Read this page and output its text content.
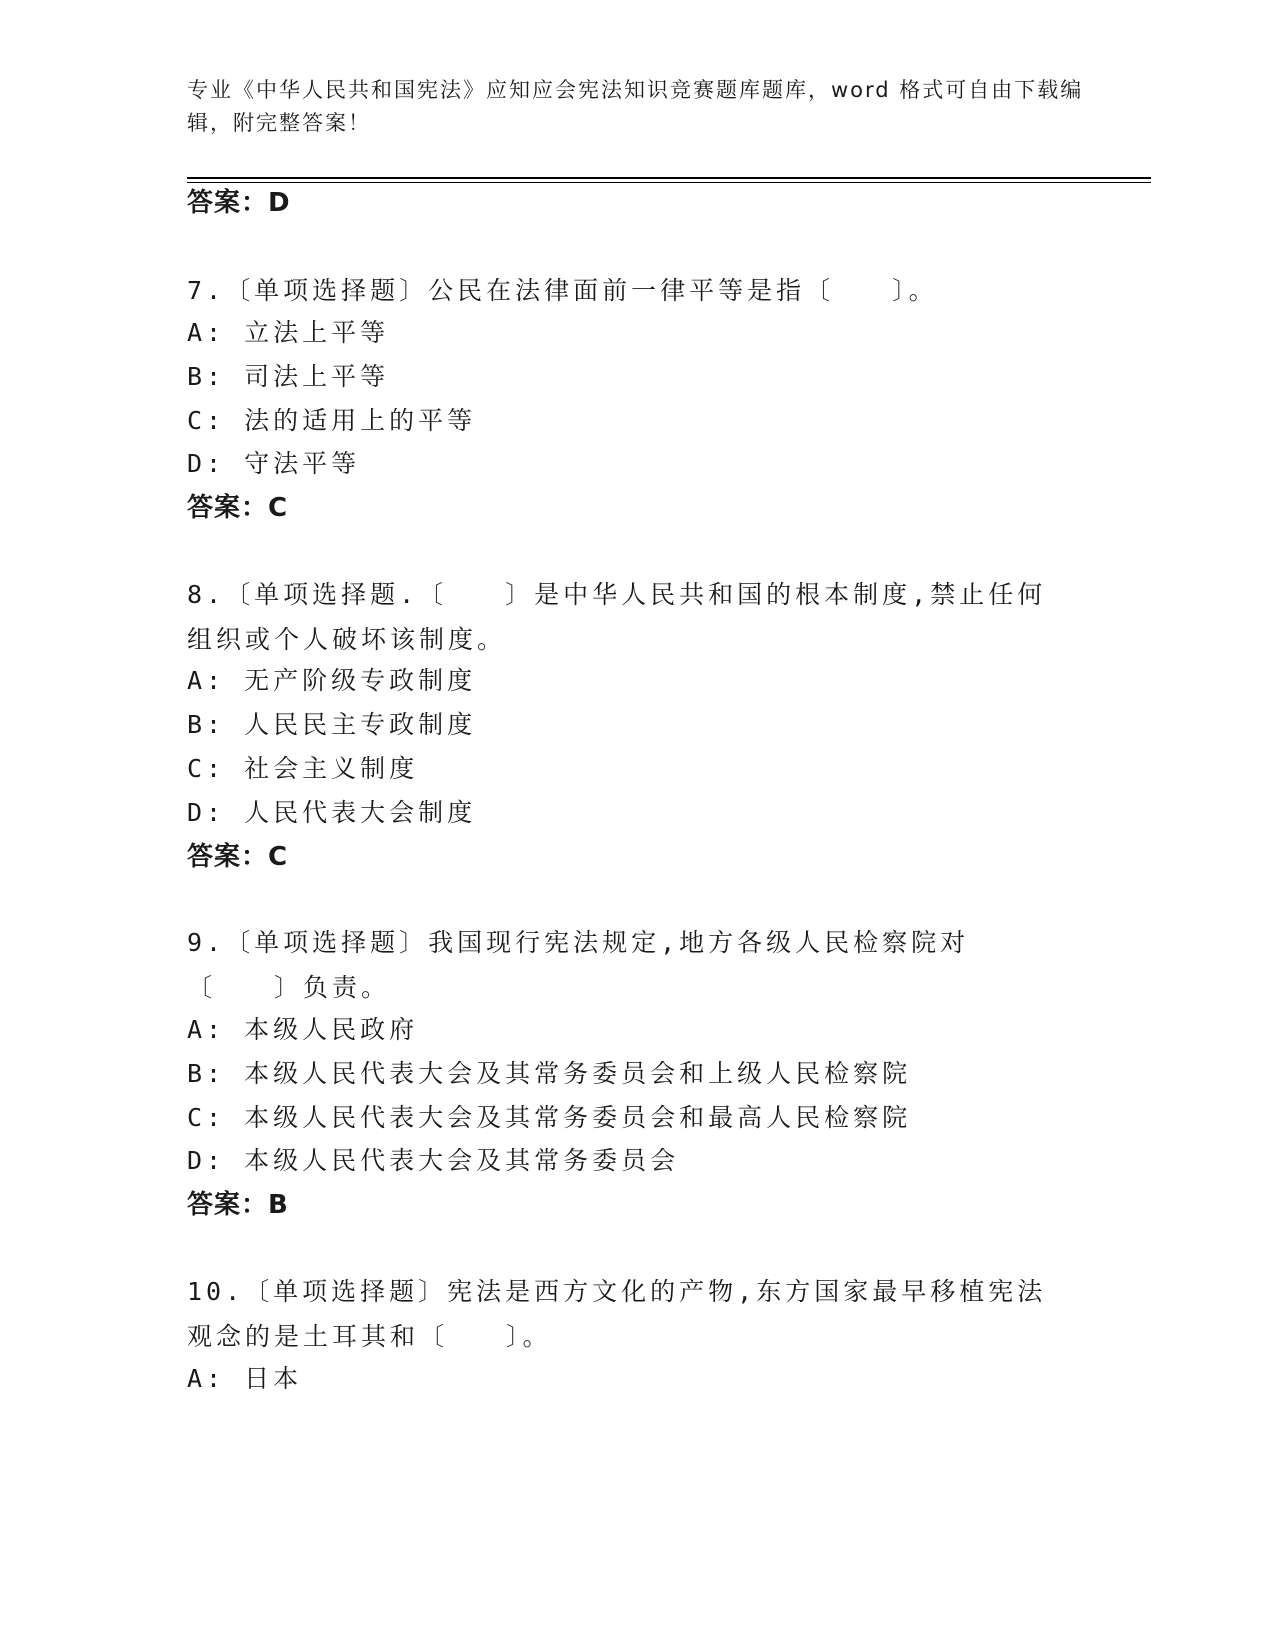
专业《中华人民共和国宪法》应知应会宪法知识竞赛题库题库，word 格式可自由下载编辑，附完整答案！
答案：D
7.〔单项选择题〕公民在法律面前一律平等是指〔　　〕。
A: 立法上平等
B: 司法上平等
C: 法的适用上的平等
D: 守法平等
答案：C
8.〔单项选择题.〔　　〕是中华人民共和国的根本制度,禁止任何组织或个人破坏该制度。
A: 无产阶级专政制度
B: 人民民主专政制度
C: 社会主义制度
D: 人民代表大会制度
答案：C
9.〔单项选择题〕我国现行宪法规定,地方各级人民检察院对〔　　〕负责。
A: 本级人民政府
B: 本级人民代表大会及其常务委员会和上级人民检察院
C: 本级人民代表大会及其常务委员会和最高人民检察院
D: 本级人民代表大会及其常务委员会
答案：B
10.〔单项选择题〕宪法是西方文化的产物,东方国家最早移植宪法观念的是土耳其和〔　　〕。
A: 日本
